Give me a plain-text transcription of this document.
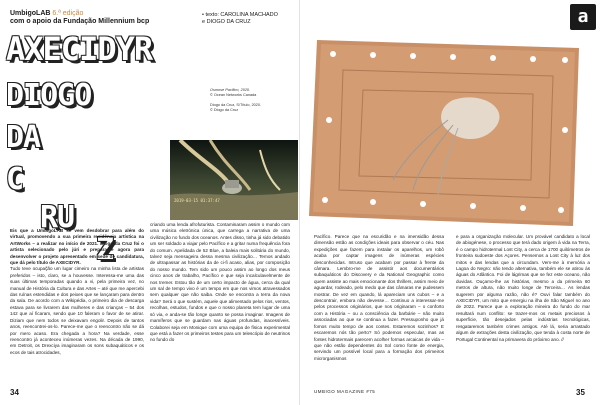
UmbigoLAB 6.ª edição
com o apoio da Fundação Millennium bcp
AXECIDYR
DIOGO
DA
C
RU
Z
Osmose Pacifico, 2020.
© Ocean Networks Canada

Diogo da Cruz, S/Título, 2020.
© Diogo da Cruz
2019-03-15 01:37:47
Eis que a UmbigoLAB se vem desdobrar para além do virtual, promovendo a sua primeira residência artística na ArtWorks – a realizar no início de 2021. Diogo da Cruz foi o artista selecionado pelo júri e prepara-se agora para desenvolver o projeto apresentado em sede de candidatura, que dá pelo título de AXECIDYR.
Tudo teve ocupaç̃ão um lugar cimeiro na minha lista de artistas preferidos – isto, claro, se a houvesse. Interessa-me uma das suas últimas temporadas quando a vi, pela primeira vez, no manual de História da Cultura e das Artes – até que me apercebi das ruínas estendidas e dos peixes que se lançaram para dentro da sala. De acordo com a Wikipédia, o primeiro dia de descarga estava para se livrarem das mulheres e das crianças – 54 dos 142 que aí ficaram, sendo que 10 faleram o favor de se atirar. Diziam que nem todos se deixavam engolir. Depois de tantos anos, reencontrei-os-lo. Parece-me que o reencontro não se dá por mero acaso. Era chegada a hora? Na verdade, esse reencontro já aconteceu inúmeras vezes. Na década de 1990, em Detroit, os Drexciya imaginaram os sons subaquáticos e os ecos de tais atrocidades,
criando uma lenda afrofuturista. Contaminaram assim o mundo com uma música eletrónica única, que carrega a narrativa de uma civilização no fundo dos oceanos. Antes disso, tinha já sido debatido um ser soldado a viajar pelo Pacífico e a gritar numa frequência fora do comum. Apelidada de 52 Blue, a baleia mais solitária do mundo, talvez seja mensageira dessa mesma civilização… Temos andado de ultrapassar as histórias da de ci-fi acaso, alias, por composição do nosso mundo. Tem sido um pouco assim ao longo dos meus cinco anos de trabalho, Pacífico e que seja incalculavelmente de nos tremer. Estou tão de um certo impacto de água, cerca da qual um sal de tempo vivo é um tempo em que nos vimos atravessados sem qualquer que não saiba. Onde se encontra a terra da nova vida? Será o que sustém, aquele que alimentado pelos rios, ventos, recolhas, estudos, fundos e que o nosso planeta tem lugar de uma só via, e anda-se tão longe quanto se possa imaginar. Imagens de mamíferos que se guardam nas águas profundas, inacessíveis. Colaborei seja em Monique com uma equipa de física experimental que está a fazer os primeiros testes para um telescópio de neutrinos no fundo do
34
• texto: CAROLINA MACHADO
e DIOGO DA CRUZ	a
Pacífico. Parece que na escuridão e na imensidão dessa dimensão estão as condições ideais para observar o céu. Nas expedições que fazem para instalar os aparelhos, um robô acaba por captar imagens de inúmeras espécies desconhecidas. Intruso que acabam por passar à frente da câmara. Lembro-me de assistir aos documentários subaquáticos do Discovery e da National Geographic como quem assiste ao mais emocionante dos thrillers, assim meio de aguardar, rodeado, pelo medo que das câmaras me pudessem mostrar. De vez em quando, lá apareciam uns cubos – e a descontrair, embora não devesse… Continuo a interessar-me pelos processos originários, que nos originaram – o conforto com a História – ou a consciência da barbárie – não muito associadas ao que se continua a fazer. Pressuponho que já fomos muito tempo de aos contes. Estaremos sozinhos? E escaremos nós tão perto? Só podemos especular, mas as fontes hidrotermais parecem acolher formas arcaicas de vida – que não estão dependentes do Sol como fonte de energia, servindo um possível local para a formação dos primeiros microrganismos
e para a organização molecular. Um provável candidato a local de abiogénese, o processo que terá dado origem à vida na Terra, é o campo hidrotermal Lost City, a cerca de 1700 quilómetros de fronteira sudoeste dos Açores. Pensemos a Lost City à luz dos mitos e das lendas que a circundam. Vem-me à memória a Lagoa do Negro: não tendo alternativa, também ele se atirou às águas do Atlântico. Foi de lágrimas que se fez este oceano, não duvidas. Ouçamo-lhe as histórias, mesmo a da primeira 60 metros de altura, não muito longe de Terceira… As lendas sugerem por alguma razão, não é? Ouvi falar também do AXECIDYR, um mito que emergiu na ilha de São Miguel no ano de 2022. Parece que a exploração mineira do fundo do mar resultará num conflito: se trazer-mos os metais preciosos à superfície, tão desejados pelas indústrias tecnológicas, resgataremos também crimes antigos. Até lá, seria arrastado algum de extrações desta civilização, que tenda à costa norte de Portugal Continental na primavera do próximo ano. //
UMBIGO MAGAZINE #75	35
